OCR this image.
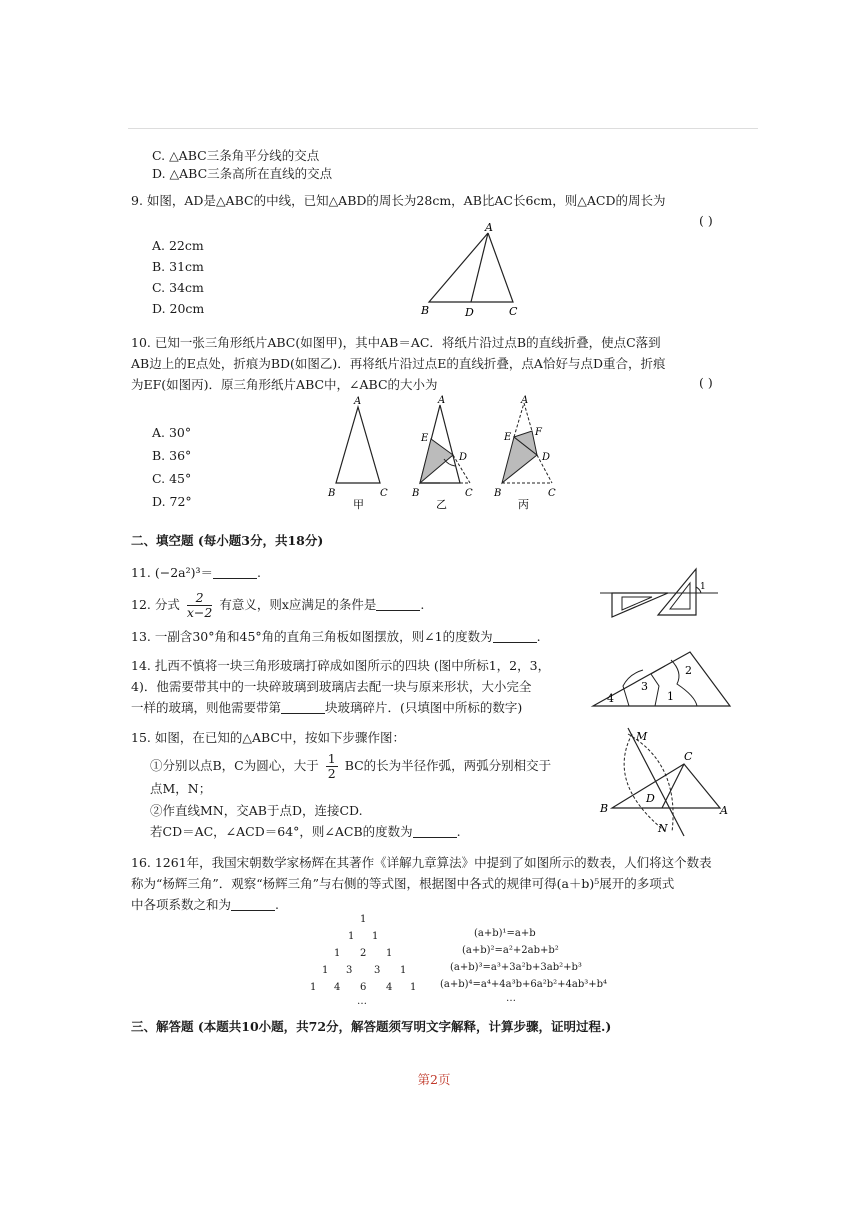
C. △ABC三条角平分线的交点
D. △ABC三条高所在直线的交点
9. 如图，AD是△ABC的中线，已知△ABD的周长为28cm，AB比AC长6cm，则△ACD的周长为
( )
A. 22cm
B. 31cm
C. 34cm
D. 20cm
A
B	D	C
10. 已知一张三角形纸片ABC(如图甲)，其中AB＝AC．将纸片沿过点B的直线折叠，使点C落到
AB边上的E点处，折痕为BD(如图乙)．再将纸片沿过点E的直线折叠，点A恰好与点D重合，折痕
为EF(如图丙)．原三角形纸片ABC中，∠ABC的大小为	( )
A. 30°
B. 36°
C. 45°
D. 72°
A
B	C
甲
A
E
D
B	C
乙
A
E F
D
B	C
丙
二、填空题 (每小题3分，共18分)
11. (−2a²)³＝	.
12. 分式 $\frac{2}{x-2}$ 有意义，则x应满足的条件是	.
1
13. 一副含30°角和45°角的直角三角板如图摆放，则∠1的度数为	.
14. 扎西不慎将一块三角形玻璃打碎成如图所示的四块 (图中所标1，2，3，
4)．他需要带其中的一块碎玻璃到玻璃店去配一块与原来形状，大小完全
一样的玻璃，则他需要带第	块玻璃碎片．(只填图中所标的数字)
4
3
1
2
15. 如图，在已知的△ABC中，按如下步骤作图：
①分别以点B，C为圆心，大于 $\frac{1}{2}$ BC的长为半径作弧，两弧分别相交于
点M，N；
②作直线MN，交AB于点D，连接CD.
若CD＝AC，∠ACD＝64°，则∠ACB的度数为	.
M
C
B
D
A
N
16. 1261年，我国宋朝数学家杨辉在其著作《详解九章算法》中提到了如图所示的数表，人们将这个数表
称为“杨辉三角”．观察“杨辉三角”与右侧的等式图，根据图中各式的规律可得(a＋b)⁵展开的多项式
中各项系数之和为	.
1
1 1
1 2 1
1 3 3 1
1 4 6 4 1
…
(a+b)¹=a+b
(a+b)²=a²+2ab+b²
(a+b)³=a³+3a²b+3ab²+b³
(a+b)⁴=a⁴+4a³b+6a²b²+4ab³+b⁴
…
三、解答题 (本题共10小题，共72分，解答题须写明文字解释，计算步骤，证明过程.)
第2页
